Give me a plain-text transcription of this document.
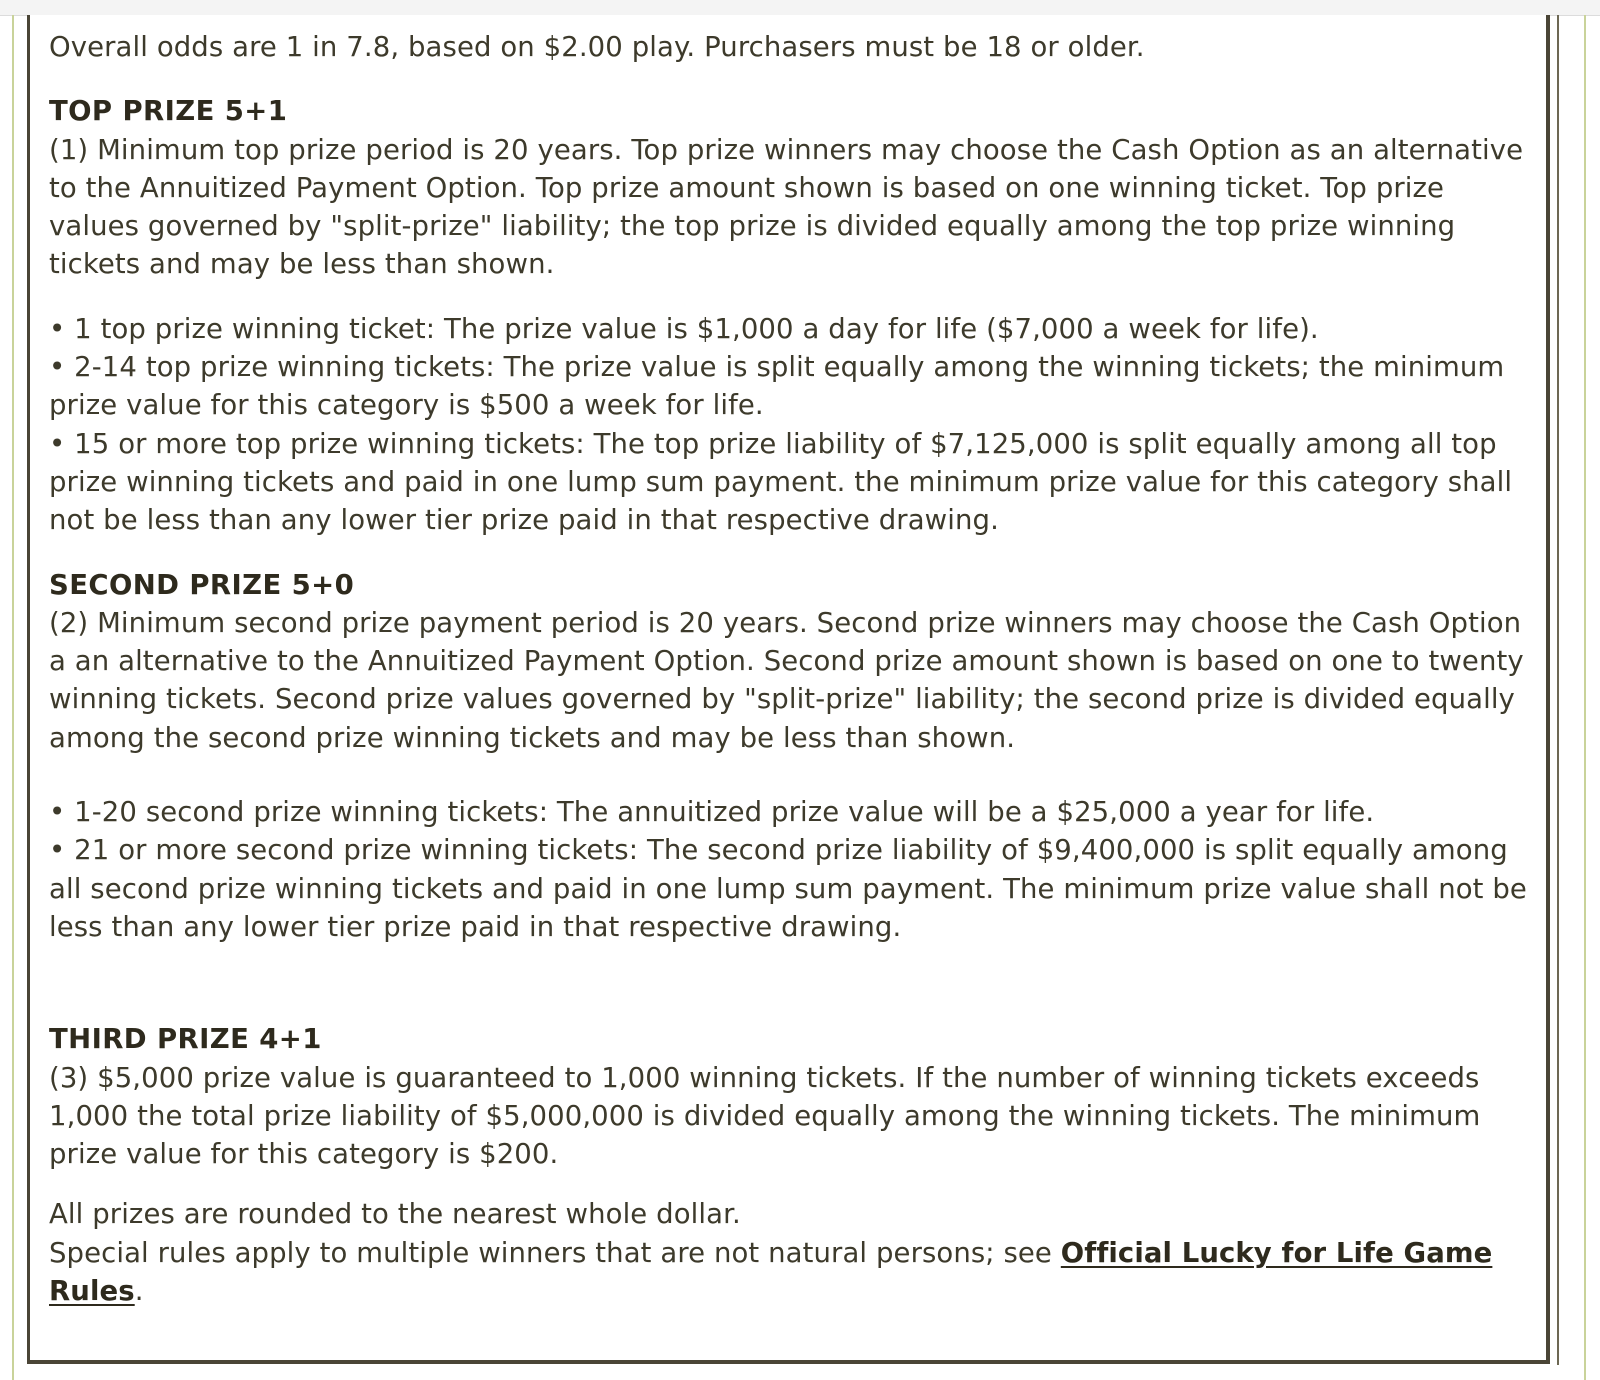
Overall odds are 1 in 7.8, based on $2.00 play. Purchasers must be 18 or older.

TOP PRIZE 5+1

(1) Minimum top prize period is 20 years. Top prize winners may choose the Cash Option as an alternative to the Annuitized Payment Option. Top prize amount shown is based on one winning ticket. Top prize values governed by "split-prize" liability; the top prize is divided equally among the top prize winning tickets and may be less than shown.

• 1 top prize winning ticket: The prize value is $1,000 a day for life ($7,000 a week for life).

• 2-14 top prize winning tickets: The prize value is split equally among the winning tickets; the minimum prize value for this category is $500 a week for life.

• 15 or more top prize winning tickets: The top prize liability of $7,125,000 is split equally among all top prize winning tickets and paid in one lump sum payment. the minimum prize value for this category shall not be less than any lower tier prize paid in that respective drawing.

SECOND PRIZE 5+0

(2) Minimum second prize payment period is 20 years. Second prize winners may choose the Cash Option a an alternative to the Annuitized Payment Option. Second prize amount shown is based on one to twenty winning tickets. Second prize values governed by "split-prize" liability; the second prize is divided equally among the second prize winning tickets and may be less than shown.

• 1-20 second prize winning tickets: The annuitized prize value will be a $25,000 a year for life.

• 21 or more second prize winning tickets: The second prize liability of $9,400,000 is split equally among all second prize winning tickets and paid in one lump sum payment. The minimum prize value shall not be less than any lower tier prize paid in that respective drawing.

THIRD PRIZE 4+1

(3) $5,000 prize value is guaranteed to 1,000 winning tickets. If the number of winning tickets exceeds 1,000 the total prize liability of $5,000,000 is divided equally among the winning tickets. The minimum prize value for this category is $200.

All prizes are rounded to the nearest whole dollar.

Special rules apply to multiple winners that are not natural persons; see Official Lucky for Life Game Rules.
